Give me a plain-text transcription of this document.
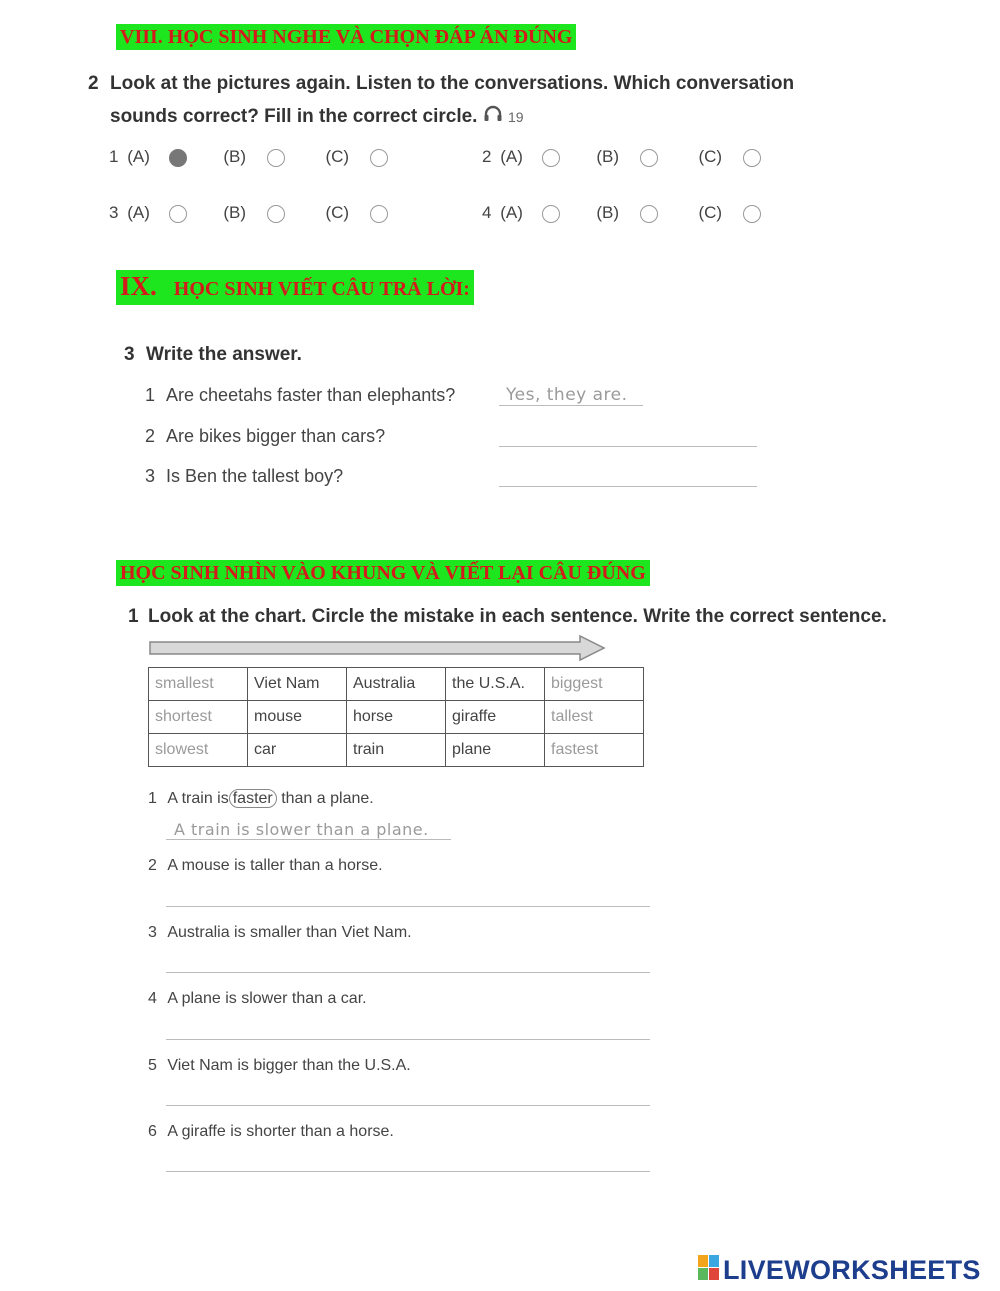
VIII. HỌC SINH NGHE VÀ CHỌN ĐÁP ÁN ĐÚNG
2 Look at the pictures again. Listen to the conversations. Which conversation
sounds correct? Fill in the correct circle. 19
1 (A)	(B)	(C)	2 (A)	(B)	(C)
3 (A)	(B)	(C)	4 (A)	(B)	(C)
IX. HỌC SINH VIẾT CÂU TRẢ LỜI:
3 Write the answer.
1 Are cheetahs faster than elephants?	Yes, they are.
2 Are bikes bigger than cars?
3 Is Ben the tallest boy?
HỌC SINH NHÌN VÀO KHUNG VÀ VIẾT LẠI CÂU ĐÚNG
1 Look at the chart. Circle the mistake in each sentence. Write the correct sentence.
smallest	Viet Nam	Australia	the U.S.A.	biggest
shortest	mouse	horse	giraffe	tallest
slowest	car	train	plane	fastest
1 A train is faster than a plane.
A train is slower than a plane.
2 A mouse is taller than a horse.
3 Australia is smaller than Viet Nam.
4 A plane is slower than a car.
5 Viet Nam is bigger than the U.S.A.
6 A giraffe is shorter than a horse.
LIVEWORKSHEETS
